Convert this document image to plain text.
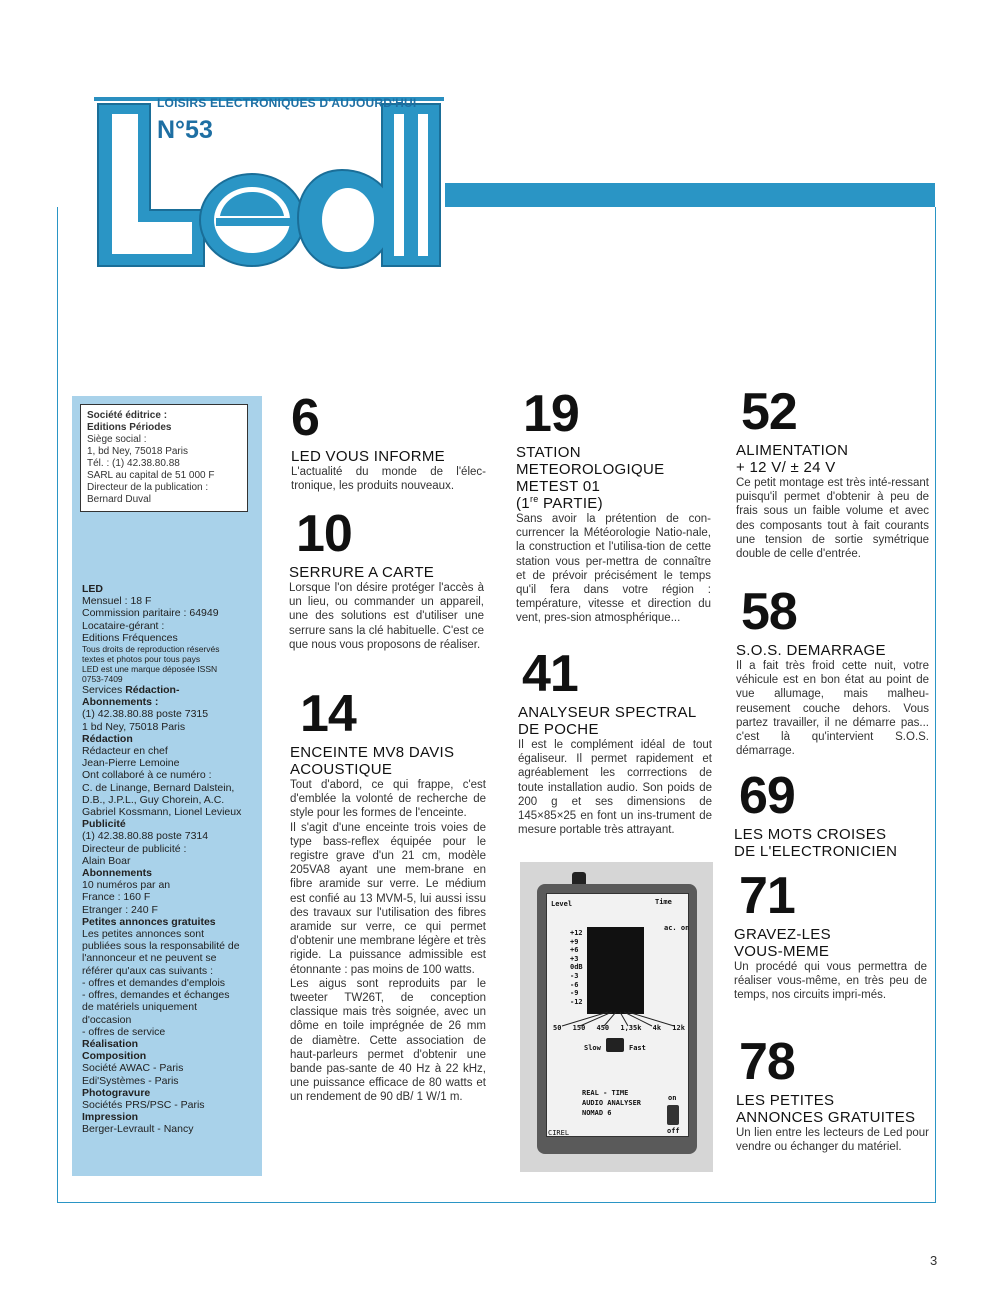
LOISIRS ELECTRONIQUES D'AUJOURD'HUI
N°53
Société éditrice :
Editions Périodes
Siège social :
1, bd Ney, 75018 Paris
Tél. : (1) 42.38.80.88
SARL au capital de 51 000 F
Directeur de la publication :
Bernard Duval
LED
Mensuel : 18 F
Commission paritaire : 64949
Locataire-gérant :
Editions Fréquences
Tous droits de reproduction réservés
textes et photos pour tous pays
LED est une marque déposée ISSN
0753-7409
Services Rédaction-
Abonnements :
(1) 42.38.80.88 poste 7315
1 bd Ney, 75018 Paris
Rédaction
Rédacteur en chef
Jean-Pierre Lemoine
Ont collaboré à ce numéro :
C. de Linange, Bernard Dalstein,
D.B., J.P.L., Guy Chorein, A.C.
Gabriel Kossmann, Lionel Levieux
Publicité
(1) 42.38.80.88 poste 7314
Directeur de publicité :
Alain Boar
Abonnements
10 numéros par an
France : 160 F
Etranger : 240 F
Petites annonces gratuites
Les petites annonces sont
publiées sous la responsabilité de
l'annonceur et ne peuvent se
référer qu'aux cas suivants :
- offres et demandes d'emplois
- offres, demandes et échanges
de matériels uniquement
d'occasion
- offres de service
Réalisation
Composition
Société AWAC - Paris
Edi'Systèmes - Paris
Photogravure
Sociétés PRS/PSC - Paris
Impression
Berger-Levrault - Nancy
6
LED VOUS INFORME
L'actualité du monde de l'élec-tronique, les produits nouveaux.
10
SERRURE A CARTE
Lorsque l'on désire protéger l'accès à un lieu, ou commander un appareil, une des solutions est d'utiliser une serrure sans la clé habituelle. C'est ce que nous vous proposons de réaliser.
14
ENCEINTE MV8 DAVIS
ACOUSTIQUE
Tout d'abord, ce qui frappe, c'est d'emblée la volonté de recherche de style pour les formes de l'enceinte.
Il s'agit d'une enceinte trois voies de type bass-reflex équipée pour le registre grave d'un 21 cm, modèle 205VA8 ayant une mem-brane en fibre aramide sur verre. Le médium est confié au 13 MVM-5, lui aussi issu des travaux sur l'utilisation des fibres aramide sur verre, ce qui permet d'obtenir une membrane légère et très rigide. La puissance admissible est étonnante : pas moins de 100 watts.
Les aigus sont reproduits par le tweeter TW26T, de conception classique mais très soignée, avec un dôme en toile imprégnée de 26 mm de diamètre. Cette association de haut-parleurs permet d'obtenir une bande pas-sante de 40 Hz à 22 kHz, une puissance efficace de 80 watts et un rendement de 90 dB/ 1 W/1 m.
19
STATION
METEOROLOGIQUE
METEST 01
(1re PARTIE)
Sans avoir la prétention de con-currencer la Météorologie Natio-nale, la construction et l'utilisa-tion de cette station vous per-mettra de connaître et de prévoir précisément le temps qu'il fera dans votre région : température, vitesse et direction du vent, pres-sion atmosphérique...
41
ANALYSEUR SPECTRAL
DE POCHE
Il est le complément idéal de tout égaliseur. Il permet rapidement et agréablement les corrrections de toute installation audio. Son poids de 200 g et ses dimensions de 145×85×25 en font un ins-trument de mesure portable très attrayant.
Level	Time
ac. on
+12
+9
+6
+3
0dB
-3
-6
-9
-12
50 150 450 1,35k 4k 12k
Slow	Fast
REAL - TIME
AUDIO ANALYSER
NOMAD 6
on
off
CIREL
52
ALIMENTATION
+ 12 V/ ± 24 V
Ce petit montage est très inté-ressant puisqu'il permet d'obtenir à peu de frais sous un faible volume et avec des composants tout à fait courants une tension de sortie symétrique double de celle d'entrée.
58
S.O.S. DEMARRAGE
Il a fait très froid cette nuit, votre véhicule est en bon état au point de vue allumage, mais malheu-reusement couche dehors. Vous partez travailler, il ne démarre pas... c'est là qu'intervient S.O.S. démarrage.
69
LES MOTS CROISES
DE L'ELECTRONICIEN
71
GRAVEZ-LES
VOUS-MEME
Un procédé qui vous permettra de réaliser vous-même, en très peu de temps, nos circuits impri-més.
78
LES PETITES
ANNONCES GRATUITES
Un lien entre les lecteurs de Led pour vendre ou échanger du matériel.
3
